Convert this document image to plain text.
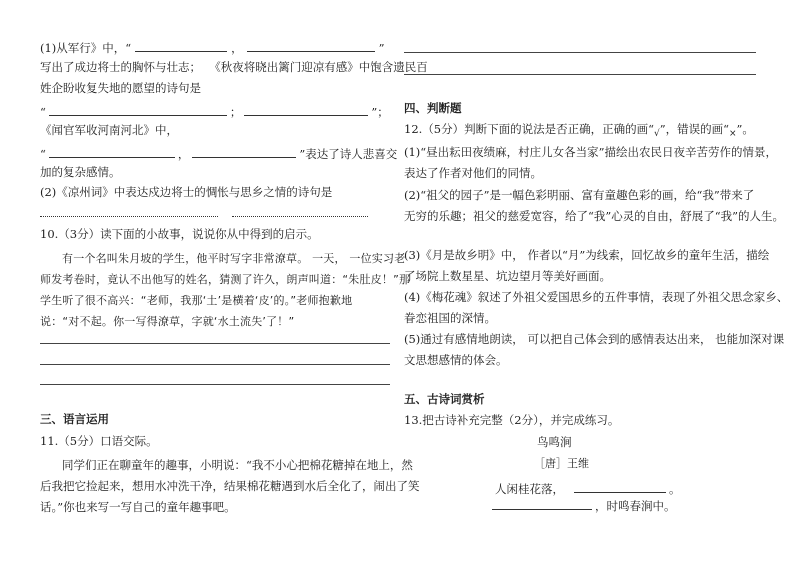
(1)从军行》中，“	，	”
写出了成边将士的胸怀与壮志； 《秋夜将晓出篱门迎凉有感》中饱含遗民百
姓企盼收复失地的愿望的诗句是
“	；	”；
《闻官军收河南河北》中，
“	，	”表达了诗人悲喜交
加的复杂感情。
(2)《凉州词》中表达戍边将士的惆怅与思乡之情的诗句是
10.（3分）读下面的小故事，说说你从中得到的启示。
有一个名叫朱月坡的学生，他平时写字非常潦草。 一天， 一位实习老
师发考卷时，竟认不出他写的姓名，猜测了许久，朗声叫道：“朱肚皮！”那
学生听了很不高兴：“老师，我那‘土’是横着‘皮’的。”老师抱歉地
说：“对不起。你一写得潦草，字就‘水土流失’了！”
三、语言运用
11.（5分）口语交际。
同学们正在聊童年的趣事，小明说：“我不小心把棉花糖掉在地上，然
后我把它捡起来，想用水冲洗干净，结果棉花糖遇到水后全化了，闹出了笑
话。”你也来写一写自己的童年趣事吧。
四、判断题
12.（5分）判断下面的说法是否正确，正确的画“$_√$”，错误的画“$_\times$”。
(1)“昼出耘田夜绩麻，村庄儿女各当家”描绘出农民日夜辛苦劳作的情景，
表达了作者对他们的同情。
(2)“祖父的园子”是一幅色彩明丽、富有童趣色彩的画，给“我”带来了
无穷的乐趣；祖父的慈爱宽容，给了“我”心灵的自由，舒展了“我”的人生。
(3)《月是故乡明》中， 作者以“月”为线索，回忆故乡的童年生活，描绘
了场院上数星星、坑边望月等美好画面。
(4)《梅花魂》叙述了外祖父爱国思乡的五件事情，表现了外祖父思念家乡、
眷恋祖国的深情。
(5)通过有感情地朗读， 可以把自己体会到的感情表达出来， 也能加深对课
文思想感情的体会。
五、古诗词赏析
13.把古诗补充完整（2分），并完成练习。
鸟鸣涧
［唐］王维
人闲桂花落，	。
，时鸣春涧中。
